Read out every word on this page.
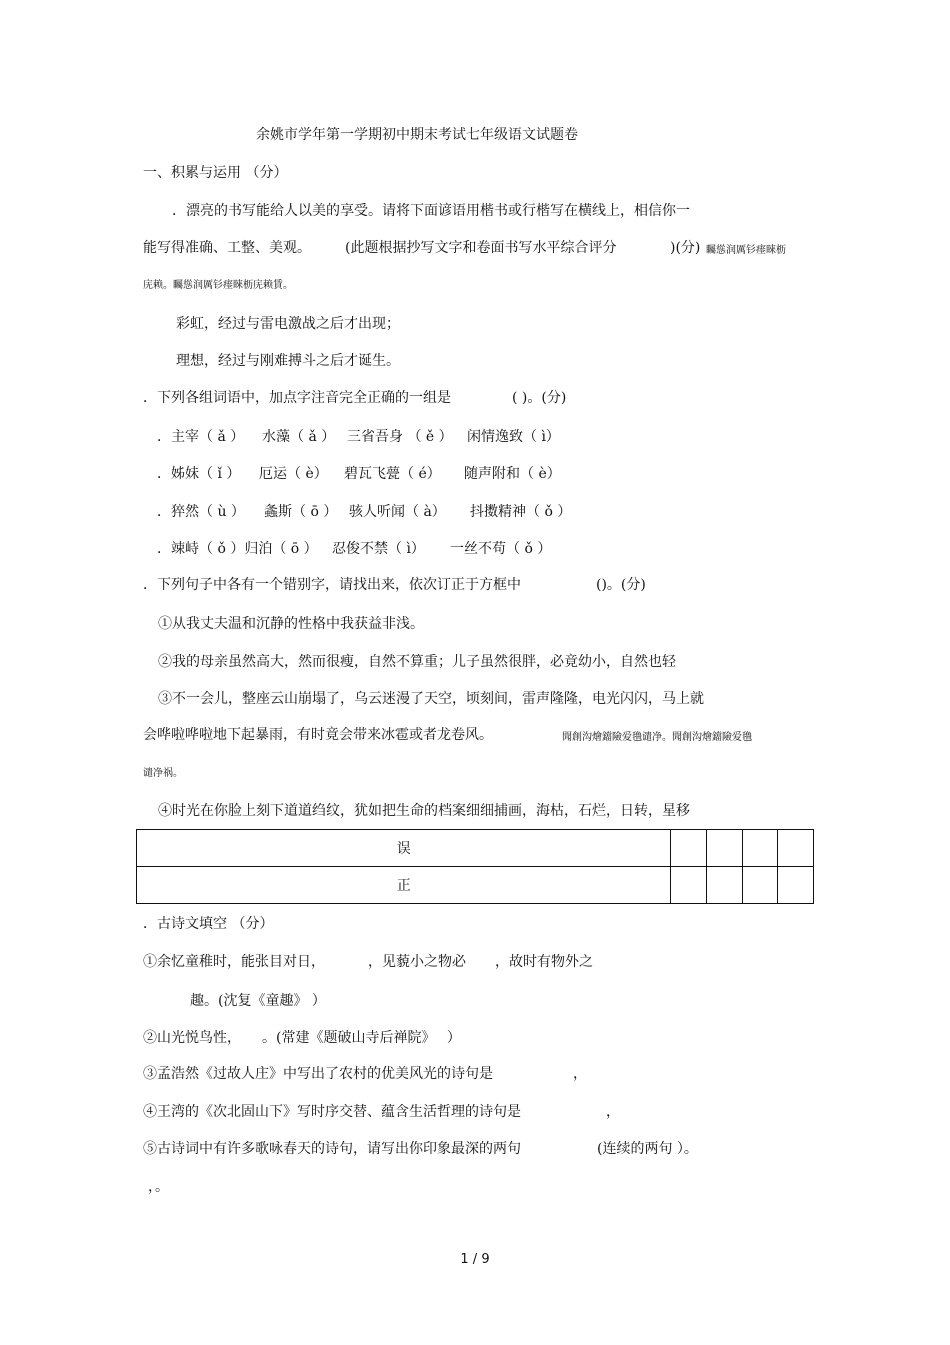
余姚市学年第一学期初中期末考试七年级语文试题卷
一、积累与运用 （分）
．漂亮的书写能给人以美的享受。请将下面谚语用楷书或行楷写在横线上，相信你一
能写得准确、工整、美观。 (此题根据抄写文字和卷面书写水平综合评分	)(分) 矚慫润厲钐瘗睞枥
庑赖。矚慫润厲钐瘗睞枥庑赖賃。
彩虹，经过与雷电激战之后才出现；
理想，经过与刚难搏斗之后才诞生。
．下列各组词语中，加点字注音完全正确的一组是	( )。(分)
．主宰（ ǎ ） 水藻（ ǎ ） 三省吾身 （ ě ） 闲情逸致（ ì）
．姊妹（ ǐ ） 厄运（ è） 碧瓦飞甍（ é） 随声附和（ è）
．猝然（ ù ） 螽斯（ ō ） 骇人听闻（ à） 抖擞精神（ ǒ ）
．竦峙（ ǒ ）归泊（ ō ） 忍俊不禁（ ì） 一丝不苟（ ǒ ）
．下列句子中各有一个错别字，请找出来，依次订正于方框中	()。(分)
①从我丈夫温和沉静的性格中我获益非浅。
②我的母亲虽然高大，然而很瘦，自然不算重；儿子虽然很胖，必竟幼小，自然也轻
③不一会儿，整座云山崩塌了，乌云迷漫了天空，顷刻间，雷声隆隆，电光闪闪，马上就
会哗啦哗啦地下起暴雨，有时竟会带来冰雹或者龙卷风。	聞創沟燴鐺險爱氇谴净。聞創沟燴鐺險爱氇
谴净祸。
④时光在你脸上刻下道道绉纹，犹如把生命的档案细细捕画，海枯，石烂，日转，星移
误				
正				
．古诗文填空 （分）
①余忆童稚时，能张目对日，	，见藐小之物必 ，故时有物外之
趣。(沈复《童趣》 ）
②山光悦鸟性，　　。(常建《题破山寺后禅院》　 ）
③孟浩然《过故人庄》中写出了农村的优美风光的诗句是	，
④王湾的《次北固山下》写时序交替、蕴含生活哲理的诗句是	，
⑤古诗词中有许多歌咏春天的诗句，请写出你印象最深的两句	(连续的两句 ）。
，。
1 / 9
